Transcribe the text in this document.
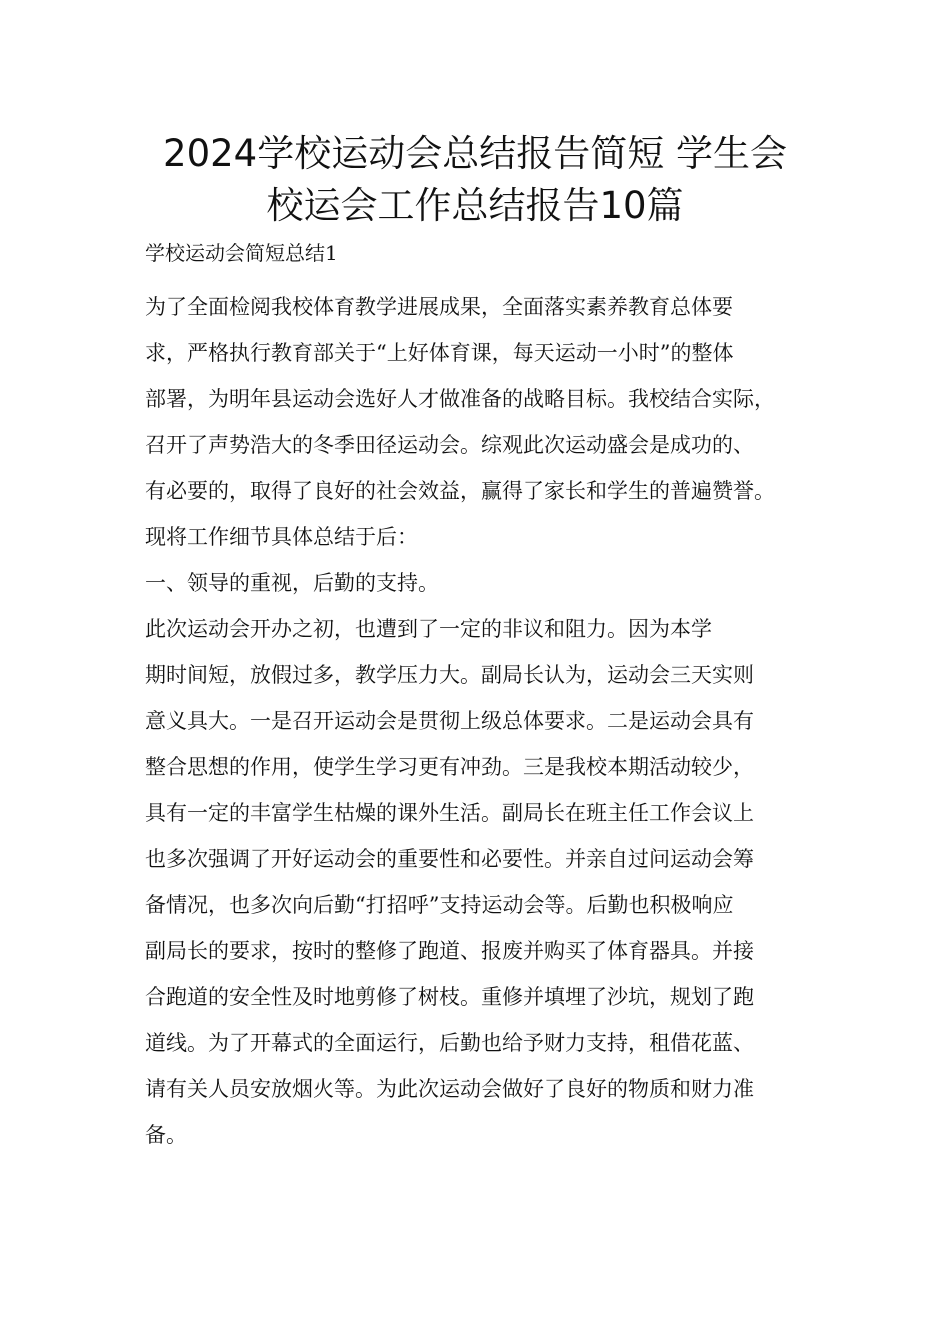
2024学校运动会总结报告简短 学生会
校运会工作总结报告10篇
学校运动会简短总结1
为了全面检阅我校体育教学进展成果，全面落实素养教育总体要
求，严格执行教育部关于“上好体育课，每天运动一小时”的整体
部署，为明年县运动会选好人才做准备的战略目标。我校结合实际，
召开了声势浩大的冬季田径运动会。综观此次运动盛会是成功的、
有必要的，取得了良好的社会效益，赢得了家长和学生的普遍赞誉。
现将工作细节具体总结于后：
一、领导的重视，后勤的支持。
此次运动会开办之初，也遭到了一定的非议和阻力。因为本学
期时间短，放假过多，教学压力大。副局长认为，运动会三天实则
意义具大。一是召开运动会是贯彻上级总体要求。二是运动会具有
整合思想的作用，使学生学习更有冲劲。三是我校本期活动较少，
具有一定的丰富学生枯燥的课外生活。副局长在班主任工作会议上
也多次强调了开好运动会的重要性和必要性。并亲自过问运动会筹
备情况，也多次向后勤“打招呼”支持运动会等。后勤也积极响应
副局长的要求，按时的整修了跑道、报废并购买了体育器具。并接
合跑道的安全性及时地剪修了树枝。重修并填埋了沙坑，规划了跑
道线。为了开幕式的全面运行，后勤也给予财力支持，租借花蓝、
请有关人员安放烟火等。为此次运动会做好了良好的物质和财力准
备。
